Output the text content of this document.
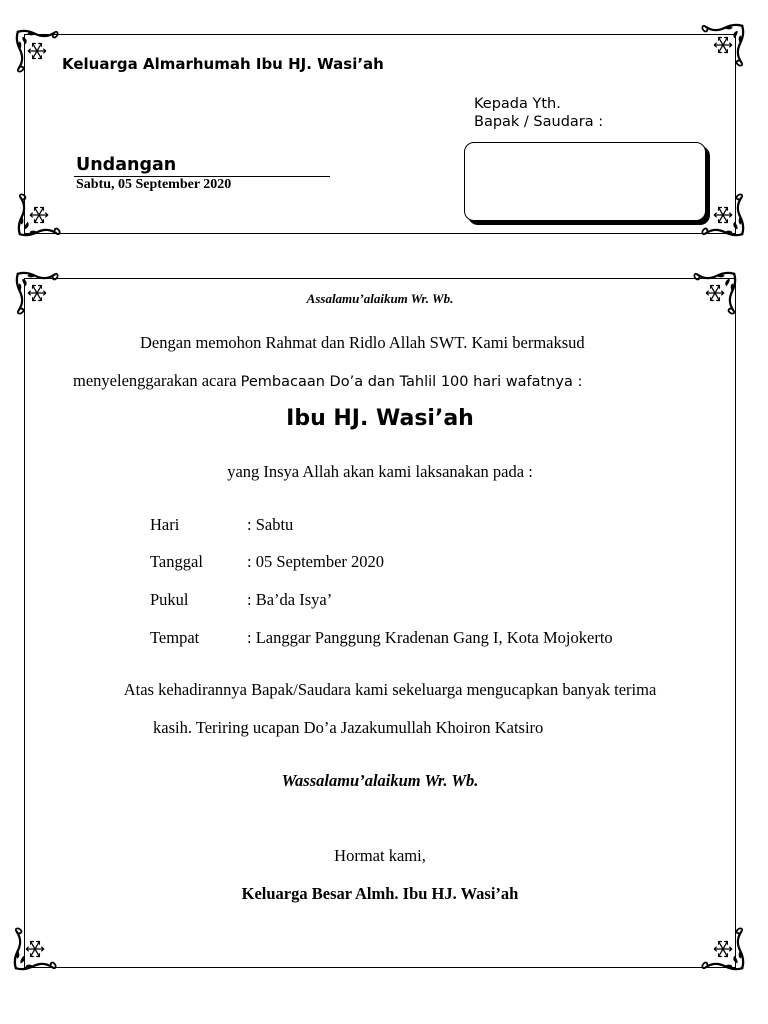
Keluarga Almarhumah Ibu HJ. Wasi’ah
Kepada Yth.
Bapak / Saudara :
Undangan
Sabtu, 05 September 2020
Assalamu’alaikum Wr. Wb.
Dengan memohon Rahmat dan Ridlo Allah SWT. Kami bermaksud
menyelenggarakan acara Pembacaan Do’a dan Tahlil 100 hari wafatnya :
Ibu HJ. Wasi’ah
yang Insya Allah akan kami laksanakan pada :
Hari	: Sabtu
Tanggal	: 05 September 2020
Pukul	: Ba’da Isya’
Tempat	: Langgar Panggung Kradenan Gang I, Kota Mojokerto
Atas kehadirannya Bapak/Saudara kami sekeluarga mengucapkan banyak terima
kasih. Teriring ucapan Do’a Jazakumullah Khoiron Katsiro
Wassalamu’alaikum Wr. Wb.
Hormat kami,
Keluarga Besar Almh. Ibu HJ. Wasi’ah
